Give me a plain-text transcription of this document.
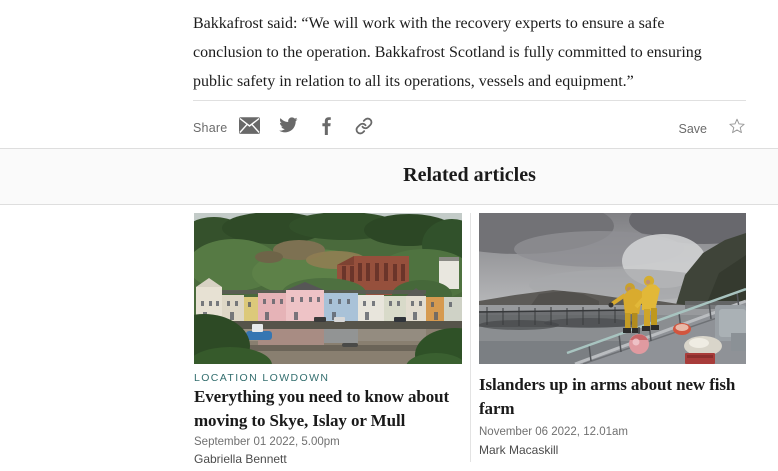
Bakkafrost said: “We will work with the recovery experts to ensure a safe
conclusion to the operation. Bakkafrost Scotland is fully committed to ensuring
public safety in relation to all its operations, vessels and equipment.”
Share	Save
Related articles
LOCATION LOWDOWN
Everything you need to know about
moving to Skye, Islay or Mull
September 01 2022, 5.00pm
Gabriella Bennett
Islanders up in arms about new fish
farm
November 06 2022, 12.01am
Mark Macaskill
